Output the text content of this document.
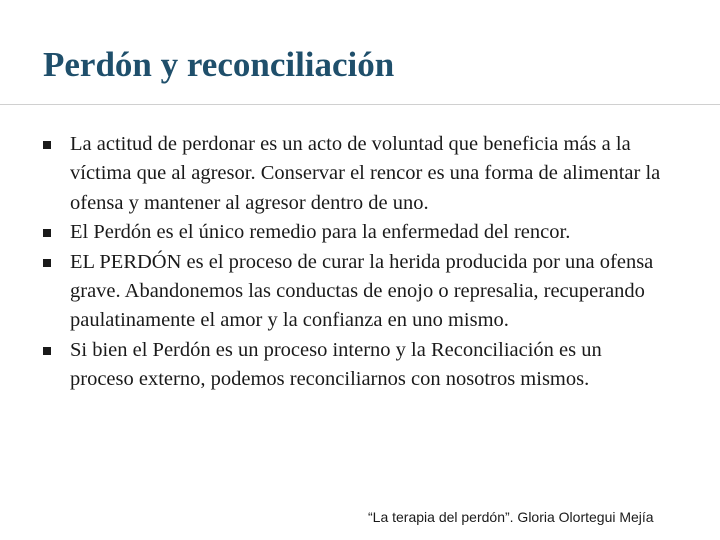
Perdón y reconciliación
La actitud de perdonar es un acto de voluntad que beneficia más a la víctima que al agresor. Conservar el rencor es una forma de alimentar la ofensa y mantener al agresor dentro de uno.
El Perdón es el único remedio para la enfermedad del rencor.
EL PERDÓN es el proceso de curar la herida producida por una ofensa grave. Abandonemos las conductas de enojo o represalia, recuperando paulatinamente el amor y la confianza en uno mismo.
Si bien el Perdón es un proceso interno y la Reconciliación es un proceso externo, podemos reconciliarnos con nosotros mismos.
“La terapia del perdón”. Gloria Olortegui Mejía
